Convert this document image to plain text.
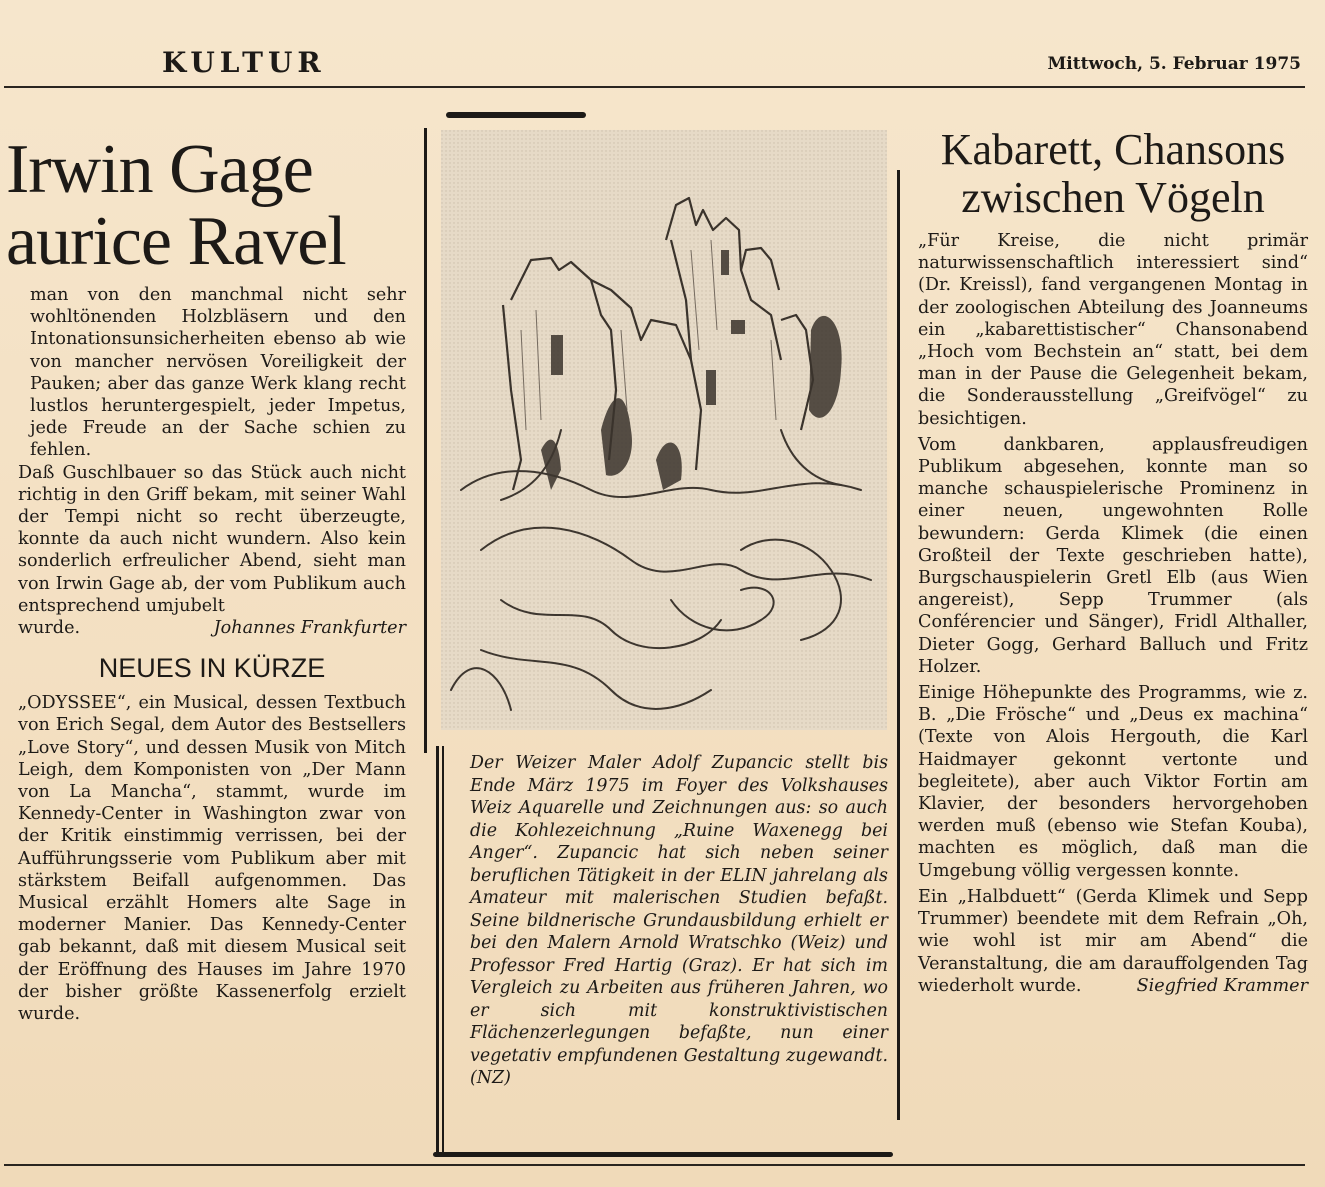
KULTUR	Mittwoch, 5. Februar 1975
Irwin Gage
aurice Ravel

man von den manchmal nicht sehr wohltönenden Holzbläsern und den Intonationsunsicherheiten ebenso ab wie von mancher nervösen Voreiligkeit der Pauken; aber das ganze Werk klang recht lustlos heruntergespielt, jeder Impetus, jede Freude an der Sache schien zu fehlen.

Daß Guschlbauer so das Stück auch nicht richtig in den Griff bekam, mit seiner Wahl der Tempi nicht so recht überzeugte, konnte da auch nicht wundern. Also kein sonderlich erfreulicher Abend, sieht man von Irwin Gage ab, der vom Publikum auch entsprechend umjubelt

wurde.	Johannes Frankfurter
NEUES IN KÜRZE

„ODYSSEE“, ein Musical, dessen Textbuch von Erich Segal, dem Autor des Bestsellers „Love Story“, und dessen Musik von Mitch Leigh, dem Komponisten von „Der Mann von La Mancha“, stammt, wurde im Kennedy-Center in Washington zwar von der Kritik einstimmig verrissen, bei der Aufführungsserie vom Publikum aber mit stärkstem Beifall aufgenommen. Das Musical erzählt Homers alte Sage in moderner Manier. Das Kennedy-Center gab bekannt, daß mit diesem Musical seit der Eröffnung des Hauses im Jahre 1970 der bisher größte Kassenerfolg erzielt wurde.

Der Weizer Maler Adolf Zupancic stellt bis Ende März 1975 im Foyer des Volkshauses Weiz Aquarelle und Zeichnungen aus: so auch die Kohlezeichnung „Ruine Waxenegg bei Anger“. Zupancic hat sich neben seiner beruflichen Tätigkeit in der ELIN jahrelang als Amateur mit malerischen Studien befaßt. Seine bildnerische Grundausbildung erhielt er bei den Malern Arnold Wratschko (Weiz) und Professor Fred Hartig (Graz). Er hat sich im Vergleich zu Arbeiten aus früheren Jahren, wo er sich mit konstruktivistischen Flächenzerlegungen befaßte, nun einer vegetativ empfundenen Gestaltung zugewandt. (NZ)

Kabarett, Chansons
zwischen Vögeln

„Für Kreise, die nicht primär naturwissenschaftlich interessiert sind“ (Dr. Kreissl), fand vergangenen Montag in der zoologischen Abteilung des Joanneums ein „kabarettistischer“ Chansonabend „Hoch vom Bechstein an“ statt, bei dem man in der Pause die Gelegenheit bekam, die Sonderausstellung „Greifvögel“ zu besichtigen.

Vom dankbaren, applausfreudigen Publikum abgesehen, konnte man so manche schauspielerische Prominenz in einer neuen, ungewohnten Rolle bewundern: Gerda Klimek (die einen Großteil der Texte geschrieben hatte), Burgschauspielerin Gretl Elb (aus Wien angereist), Sepp Trummer (als Conférencier und Sänger), Fridl Althaller, Dieter Gogg, Gerhard Balluch und Fritz Holzer.

Einige Höhepunkte des Programms, wie z. B. „Die Frösche“ und „Deus ex machina“ (Texte von Alois Hergouth, die Karl Haidmayer gekonnt vertonte und begleitete), aber auch Viktor Fortin am Klavier, der besonders hervorgehoben werden muß (ebenso wie Stefan Kouba), machten es möglich, daß man die Umgebung völlig vergessen konnte.

Ein „Halbduett“ (Gerda Klimek und Sepp Trummer) beendete mit dem Refrain „Oh, wie wohl ist mir am Abend“ die Veranstaltung, die am darauffolgenden Tag wiederholt wurde.	Siegfried Krammer
